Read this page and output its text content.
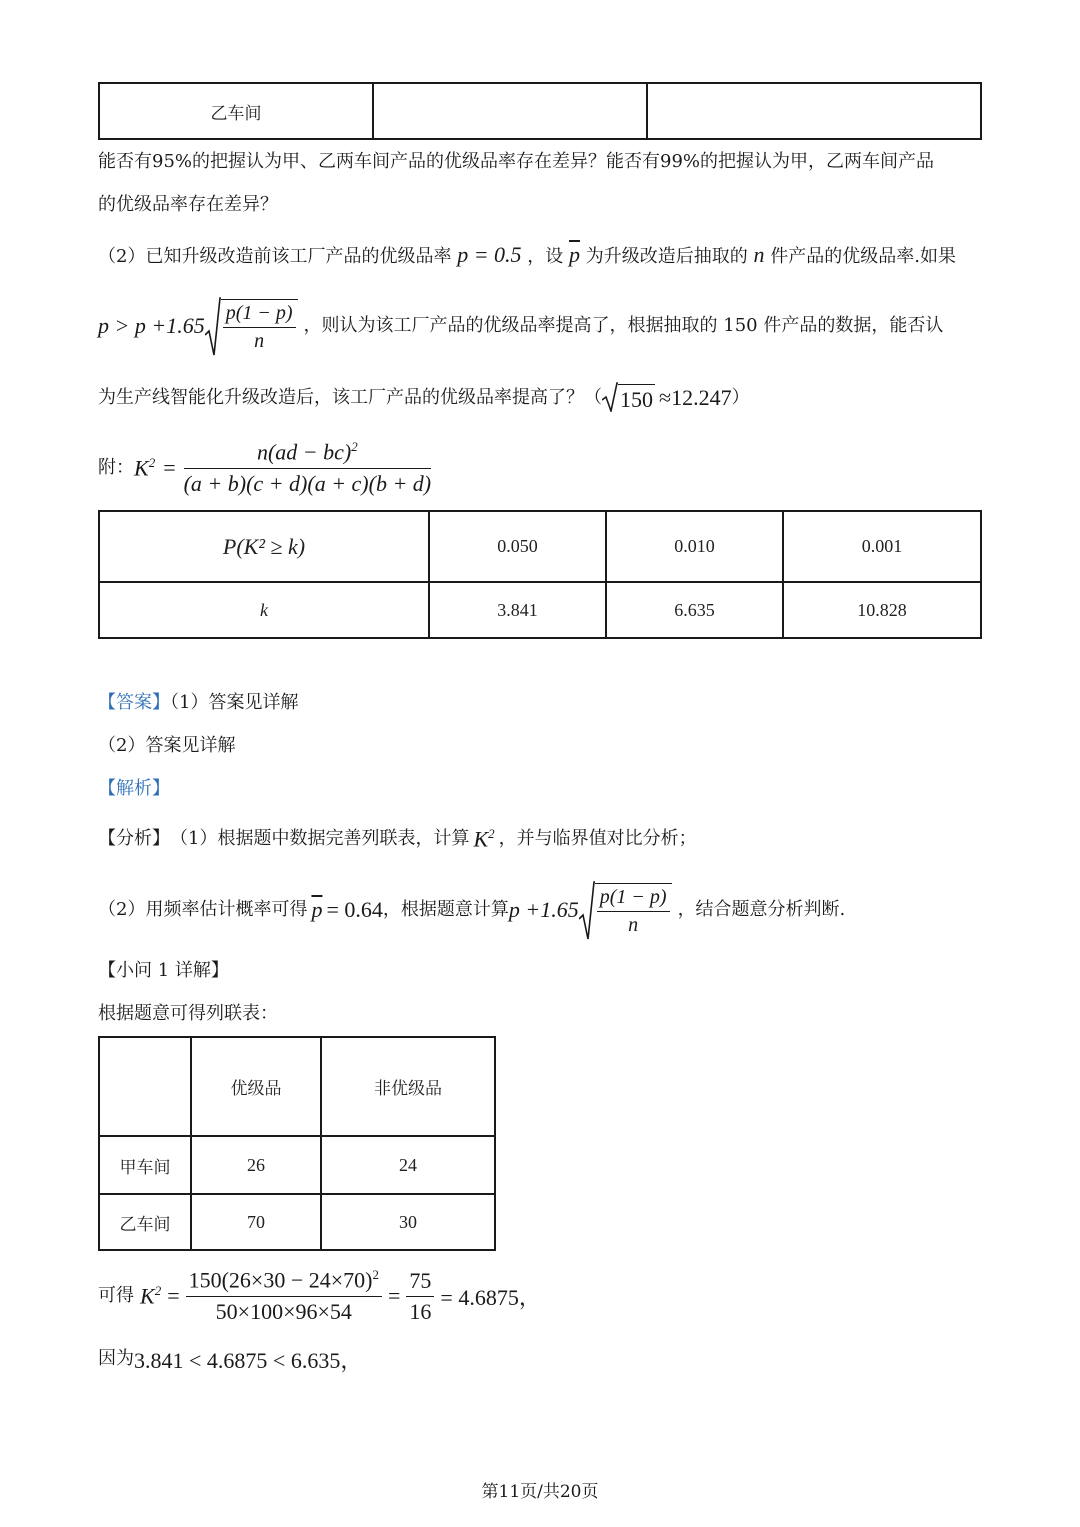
乙车间		
能否有95%的把握认为甲、乙两车间产品的优级品率存在差异？能否有99%的把握认为甲，乙两车间产品
的优级品率存在差异？
（2）已知升级改造前该工厂产品的优级品率 p = 0.5 ，设 $\overline{p}$ 为升级改造后抽取的 n 件产品的优级品率.如果
$p > p +1.65 \frac{p(1 - p)}{n}$ ，则认为该工厂产品的优级品率提高了，根据抽取的 150 件产品的数据，能否认
为生产线智能化升级改造后，该工厂产品的优级品率提高了？（ 150 ≈12.247 ）
附： $K^2 = \frac{n(ad - bc)^2}{(a + b)(c + d)(a + c)(b + d)}$
P(K² ≥ k)	0.050	0.010	0.001
k	3.841	6.635	10.828
【答案】（1）答案见详解
（2）答案见详解
【解析】
【分析】 （1）根据题中数据完善列联表，计算 $K^2$ ，并与临界值对比分析；
（2）用频率估计概率可得 $\overline{p} = 0.64$ ，根据题意计算 $p +1.65 \frac{p(1 - p)}{n}$ ，结合题意分析判断.
【小问 1 详解】
根据题意可得列联表：
	优级品	非优级品
甲车间	26	24
乙车间	70	30
可得 $K^2 = \frac{150(26\times 30 - 24\times 70)^2}{50\times 100\times 96\times 54} = \frac{75}{16} = 4.6875$，
因为 3.841 < 4.6875 < 6.635，
第11页/共20页
